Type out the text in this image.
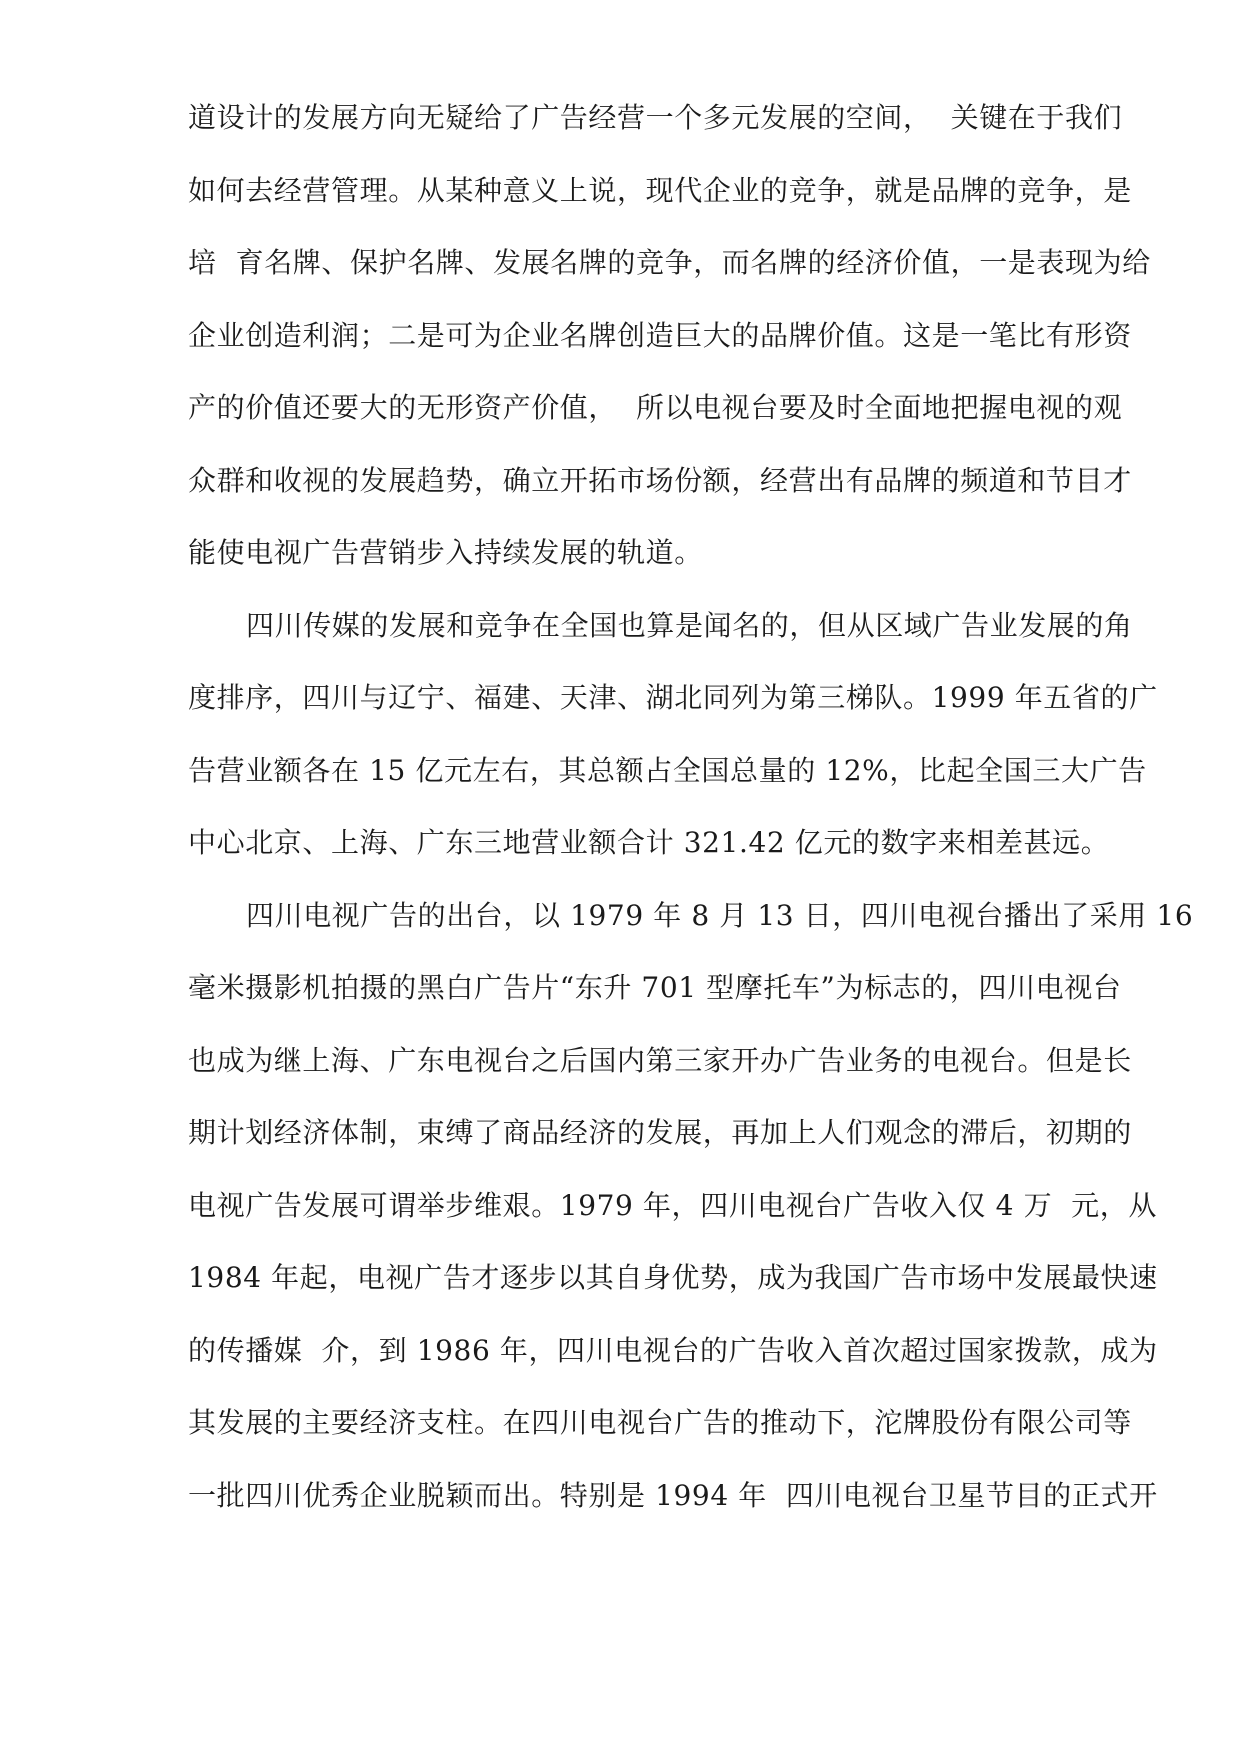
道设计的发展方向无疑给了广告经营一个多元发展的空间，  关键在于我们
如何去经营管理。从某种意义上说，现代企业的竞争，就是品牌的竞争，是
培  育名牌、保护名牌、发展名牌的竞争，而名牌的经济价值，一是表现为给
企业创造利润；二是可为企业名牌创造巨大的品牌价值。这是一笔比有形资
产的价值还要大的无形资产价值，  所以电视台要及时全面地把握电视的观
众群和收视的发展趋势，确立开拓市场份额，经营出有品牌的频道和节目才
能使电视广告营销步入持续发展的轨道。
四川传媒的发展和竞争在全国也算是闻名的，但从区域广告业发展的角
度排序，四川与辽宁、福建、天津、湖北同列为第三梯队。1999 年五省的广
告营业额各在 15 亿元左右，其总额占全国总量的 12%，比起全国三大广告
中心北京、上海、广东三地营业额合计 321.42 亿元的数字来相差甚远。
四川电视广告的出台，以 1979 年 8 月 13 日，四川电视台播出了采用 16
毫米摄影机拍摄的黑白广告片“东升 701 型摩托车”为标志的，四川电视台
也成为继上海、广东电视台之后国内第三家开办广告业务的电视台。但是长
期计划经济体制，束缚了商品经济的发展，再加上人们观念的滞后，初期的
电视广告发展可谓举步维艰。1979 年，四川电视台广告收入仅 4 万  元，从
1984 年起，电视广告才逐步以其自身优势，成为我国广告市场中发展最快速
的传播媒  介，到 1986 年，四川电视台的广告收入首次超过国家拨款，成为
其发展的主要经济支柱。在四川电视台广告的推动下，沱牌股份有限公司等
一批四川优秀企业脱颖而出。特别是 1994 年  四川电视台卫星节目的正式开
